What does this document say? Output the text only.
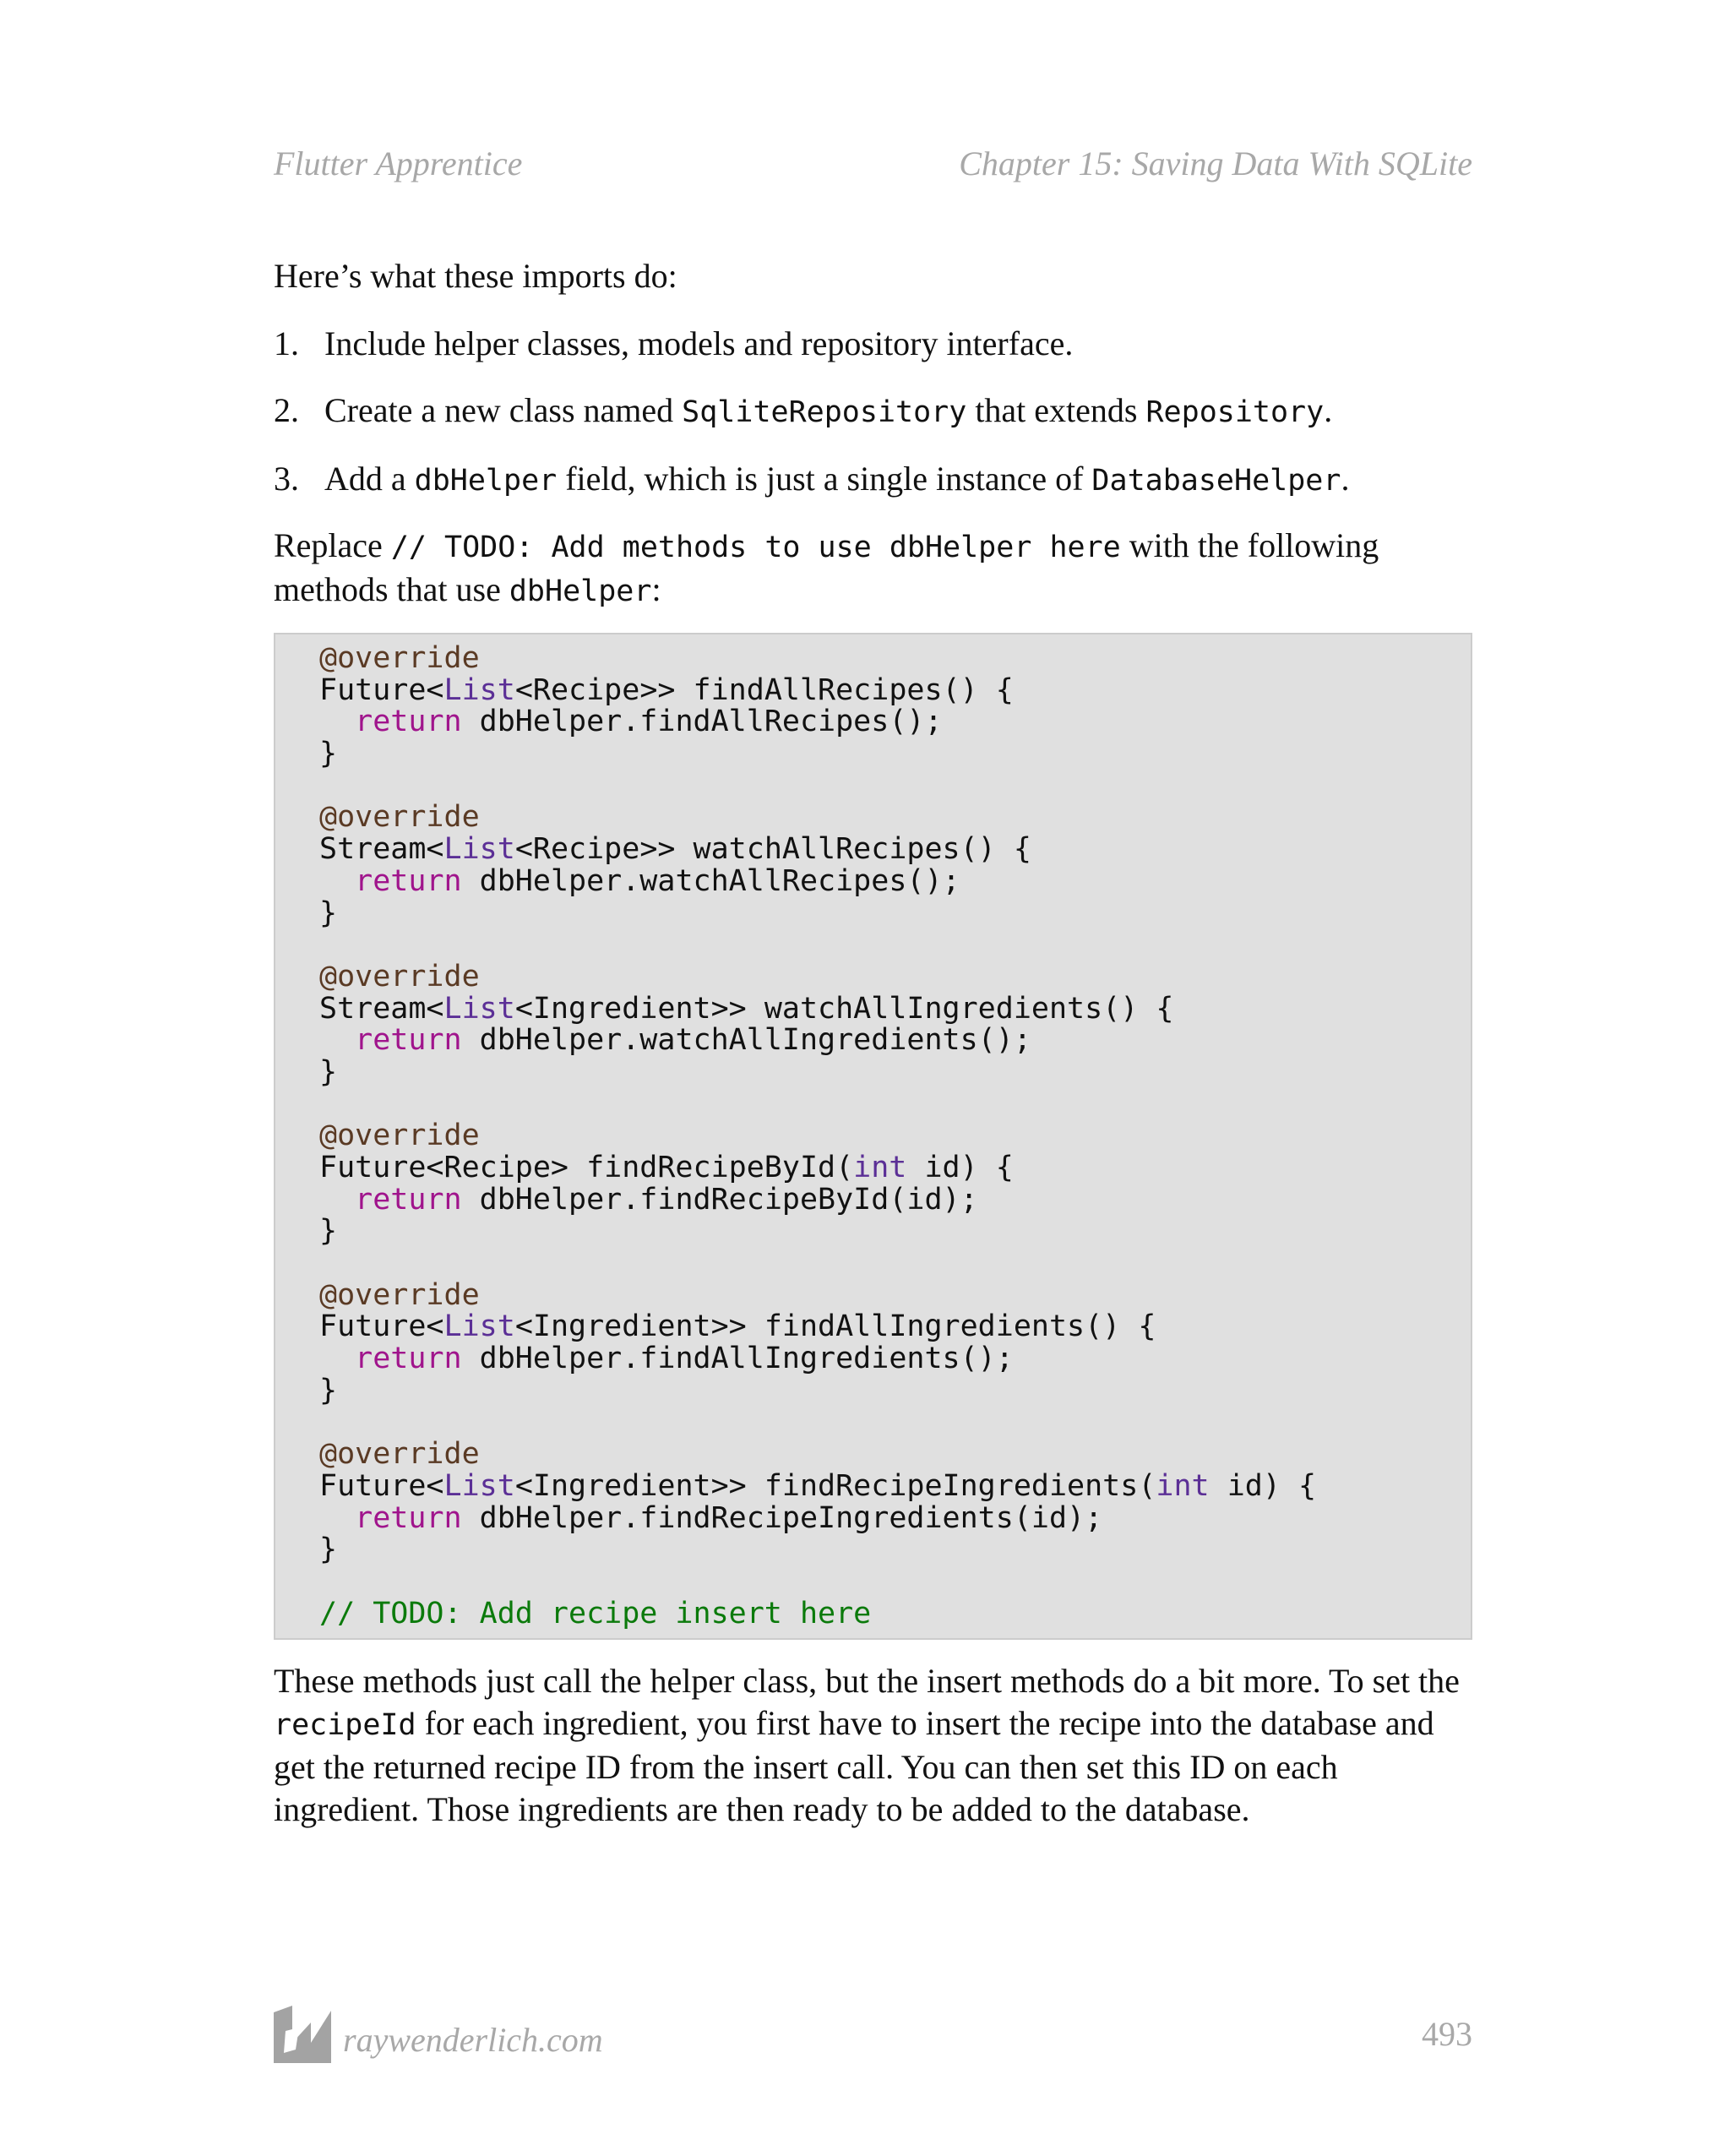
Flutter Apprentice	Chapter 15: Saving Data With SQLite

Here’s what these imports do:

1. Include helper classes, models and repository interface.
2. Create a new class named SqliteRepository that extends Repository.
3. Add a dbHelper field, which is just a single instance of DatabaseHelper.

Replace // TODO: Add methods to use dbHelper here with the following methods that use dbHelper:

@override
Future<List<Recipe>> findAllRecipes() {
return dbHelper.findAllRecipes();
}
@override
Stream<List<Recipe>> watchAllRecipes() {
return dbHelper.watchAllRecipes();
}
@override
Stream<List<Ingredient>> watchAllIngredients() {
return dbHelper.watchAllIngredients();
}
@override
Future<Recipe> findRecipeById(int id) {
return dbHelper.findRecipeById(id);
}
@override
Future<List<Ingredient>> findAllIngredients() {
return dbHelper.findAllIngredients();
}
@override
Future<List<Ingredient>> findRecipeIngredients(int id) {
return dbHelper.findRecipeIngredients(id);
}
// TODO: Add recipe insert here

These methods just call the helper class, but the insert methods do a bit more. To set the recipeId for each ingredient, you first have to insert the recipe into the database and get the returned recipe ID from the insert call. You can then set this ID on each ingredient. Those ingredients are then ready to be added to the database.

raywenderlich.com	493
